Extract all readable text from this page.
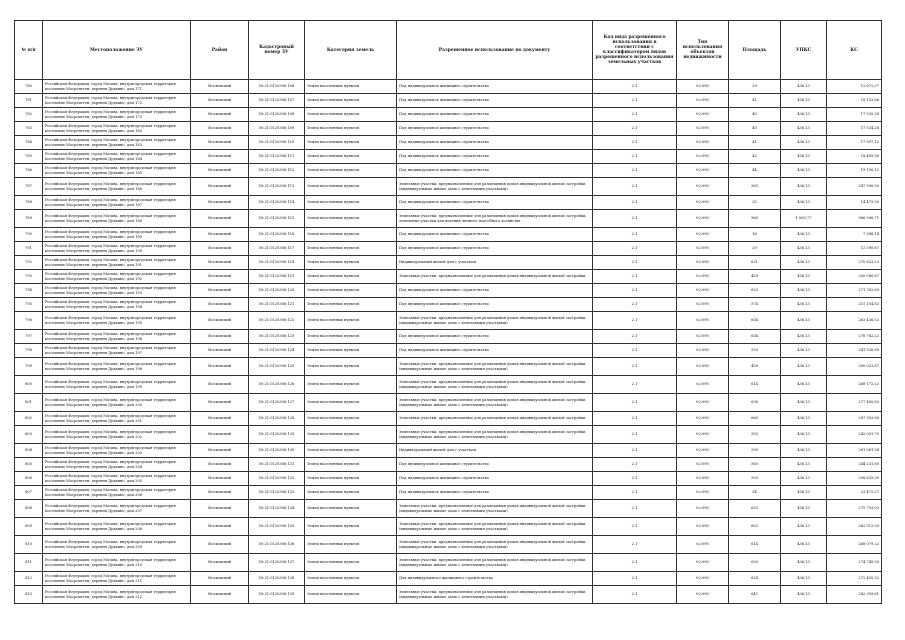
№ п/п	Местоположение ЗУ	Район	Кадастровый номер ЗУ	Категория земель	Разрешенное использование по документу	Код вида разрешенного использования в соответствии с классификатором видов разрешенного использования земельных участков	Тип использования объектов недвижимости	Площадь	УПКС	КС
780	Российская Федерация, город Москва, внутригородская территория поселение Мосрентген, деревня Дудкино, дом 171	Московский	50:21:0120306:106	Земли населенных пунктов	Под индивидуальное жилищное строительство	2.1	02:090	29	436,13	12 672,37
781	Российская Федерация, город Москва, внутригородская территория поселение Мосрентген, деревня Дудкино, дом 172	Московский	50:21:0120306:107	Земли населенных пунктов	Под индивидуальное жилищное строительство	2.1	02:090	41	436,13	18 153,66
782	Российская Федерация, город Москва, внутригородская территория поселение Мосрентген, деревня Дудкино, дом 173	Московский	50:21:0120306:108	Земли населенных пунктов	Под индивидуальное жилищное строительство	2.1	02:090	40	436,13	17 535,28
783	Российская Федерация, город Москва, внутригородская территория поселение Мосрентген, деревня Дудкино, дом 182	Московский	50:21:0120306:109	Земли населенных пунктов	Под индивидуальное жилищное строительство	2.1	02:090	40	436,13	17 524,28
784	Российская Федерация, город Москва, внутригородская территория поселение Мосрентген, деревня Дудкино, дом 183	Московский	50:21:0120306:110	Земли населенных пунктов	Под индивидуальное жилищное строительство	2.1	02:090	41	436,13	17 997,12
785	Российская Федерация, город Москва, внутригородская территория поселение Мосрентген, деревня Дудкино, дом 184	Московский	50:21:0120306:111	Земли населенных пунктов	Под индивидуальное жилищное строительство	2.1	02:090	42	436,13	18 495,56
786	Российская Федерация, город Москва, внутригородская территория поселение Мосрентген, деревня Дудкино, дом 185	Московский	50:21:0120306:112	Земли населенных пунктов	Под индивидуальное жилищное строительство	2.1	02:090	44	436,13	19 190,12
787	Российская Федерация, город Москва, внутригородская территория поселение Мосрентген, деревня Дудкино, дом 186	Московский	50:21:0120306:113	Земли населенных пунктов	Земельные участки, предназначенные для размещения домов индивидуальной жилой застройки (индивидуальные жилые дома с земельными участками)	2.1	02:090	565	436,13	247 590,50
788	Российская Федерация, город Москва, внутригородская территория поселение Мосрентген, деревня Дудкино, дом 187	Московский	50:21:0120306:114	Земли населенных пунктов	Под индивидуальное жилищное строительство	2.1	02:090	33	436,13	14 479,50
789	Российская Федерация, город Москва, внутригородская территория поселение Мосрентген, деревня Дудкино, дом 188	Московский	50:21:0120306:115	Земли населенных пунктов	Земельные участки, предназначенные для размещения домов индивидуальной жилой застройки, земельные участки для ведения личного подсобного хозяйства	2.1	02:090	960	1 069,77	966 506,71
790	Российская Федерация, город Москва, внутригородская территория поселение Мосрентген, деревня Дудкино, дом 189	Московский	50:21:0120306:116	Земли населенных пунктов	Под индивидуальное жилищное строительство	2.1	02:090	16	436,13	7 588,14
791	Российская Федерация, город Москва, внутригородская территория поселение Мосрентген, деревня Дудкино, дом 190	Московский	50:21:0120306:117	Земли населенных пунктов	Под индивидуальное жилищное строительство	2.1	02:090	29	436,13	12 590,87
792	Российская Федерация, город Москва, внутригородская территория поселение Мосрентген, деревня Дудкино, дом 191	Московский	50:21:0120306:118	Земли населенных пунктов	Индивидуальный жилой дом с участком	2.1	02:090	621	436,13	270 623,23
793	Российская Федерация, город Москва, внутригородская территория поселение Мосрентген, деревня Дудкино, дом 192	Московский	50:21:0120306:119	Земли населенных пунктов	Земельные участки, предназначенные для размещения домов индивидуальной жилой застройки	2.1	02:090	459	436,13	200 080,87
794	Российская Федерация, город Москва, внутригородская территория поселение Мосрентген, деревня Дудкино, дом 193	Московский	50:21:0120306:120	Земли населенных пунктов	Под индивидуальное жилищное строительство	2.1	02:090	623	436,13	271 762,60
795	Российская Федерация, город Москва, внутригородская территория поселение Мосрентген, деревня Дудкино, дом 194	Московский	50:21:0120306:121	Земли населенных пунктов	Под индивидуальное жилищное строительство	2.1	02:090	574	436,13	251 154,82
796	Российская Федерация, город Москва, внутригородская территория поселение Мосрентген, деревня Дудкино, дом 195	Московский	50:21:0120306:122	Земли населенных пунктов	Земельные участки, предназначенные для размещения домов индивидуальной жилой застройки (индивидуальные жилые дома с земельными участками)	2.1	02:090	604	436,13	263 436,52
797	Российская Федерация, город Москва, внутригородская территория поселение Мосрентген, деревня Дудкино, дом 196	Московский	50:21:0120306:123	Земли населенных пунктов	Под индивидуальное жилищное строительство	2.1	02:090	634	436,13	276 782,22
798	Российская Федерация, город Москва, внутригородская территория поселение Мосрентген, деревня Дудкино, дом 197	Московский	50:21:0120306:124	Земли населенных пунктов	Под индивидуальное жилищное строительство	2.1	02:090	553	436,13	241 526,80
799	Российская Федерация, город Москва, внутригородская территория поселение Мосрентген, деревня Дудкино, дом 198	Московский	50:21:0120306:125	Земли населенных пунктов	Земельные участки, предназначенные для размещения домов индивидуальной жилой застройки (индивидуальные жилые дома с земельными участками)	2.1	02:090	459	436,13	200 023,87
800	Российская Федерация, город Москва, внутригородская территория поселение Мосрентген, деревня Дудкино, дом 199	Московский	50:21:0120306:126	Земли населенных пунктов	Земельные участки, предназначенные для размещения домов индивидуальной жилой застройки (индивидуальные жилые дома с земельными участками)	2.1	02:090	614	436,13	268 172,22
801	Российская Федерация, город Москва, внутригородская территория поселение Мосрентген, деревня Дудкино, дом 200	Московский	50:21:0120306:127	Земли населенных пунктов	Земельные участки, предназначенные для размещения домов индивидуальной жилой застройки (индивидуальные жилые дома с земельными участками)	2.1	02:090	636	436,13	277 465,82
802	Российская Федерация, город Москва, внутригородская территория поселение Мосрентген, деревня Дудкино, дом 201	Московский	50:21:0120306:128	Земли населенных пунктов	Земельные участки, предназначенные для размещения домов индивидуальной жилой застройки	2.1	02:090	660	436,13	287 953,80
803	Российская Федерация, город Москва, внутригородская территория поселение Мосрентген, деревня Дудкино, дом 202	Московский	50:21:0120306:129	Земли населенных пунктов	Земельные участки, предназначенные для размещения домов индивидуальной жилой застройки (индивидуальные жилые дома с земельными участками)	2.1	02:090	555	436,13	242 051,70
804	Российская Федерация, город Москва, внутригородская территория поселение Мосрентген, деревня Дудкино, дом 203	Московский	50:21:0120306:130	Земли населенных пунктов	Индивидуальный жилой дом с участком	2.1	02:090	599	436,13	261 061,94
805	Российская Федерация, город Москва, внутригородская территория поселение Мосрентген, деревня Дудкино, дом 204	Московский	50:21:0120306:131	Земли населенных пунктов	Под индивидуальное жилищное строительство	2.1	02:090	560	436,13	244 231,80
806	Российская Федерация, город Москва, внутригородская территория поселение Мосрентген, деревня Дудкино, дом 205	Московский	50:21:0120306:132	Земли населенных пунктов	Под индивидуальное жилищное строительство	2.1	02:090	593	436,13	258 625,09
807	Российская Федерация, город Москва, внутригородская территория поселение Мосрентген, деревня Дудкино, дом 206	Московский	50:21:0120306:133	Земли населенных пунктов	Под индивидуальное жилищное строительство	2.1	02:090	54	436,13	23 472,27
808	Российская Федерация, город Москва, внутригородская территория поселение Мосрентген, деревня Дудкино, дом 207	Московский	50:21:0120306:134	Земли населенных пунктов	Земельные участки, предназначенные для размещения домов индивидуальной жилой застройки (индивидуальные жилые дома с земельными участками)	2.1	02:090	633	436,13	275 793,02
809	Российская Федерация, город Москва, внутригородская территория поселение Мосрентген, деревня Дудкино, дом 208	Московский	50:21:0120306:135	Земли населенных пунктов	Земельные участки, предназначенные для размещения домов индивидуальной жилой застройки (индивидуальные жилые дома с земельными участками)	2.1	02:090	602	436,13	262 512,09
810	Российская Федерация, город Москва, внутригородская территория поселение Мосрентген, деревня Дудкино, дом 209	Московский	50:21:0120306:136	Земли населенных пунктов	Земельные участки, предназначенные для размещения домов индивидуальной жилой застройки (индивидуальные жилые дома с земельными участками)	2.1	02:090	614	436,13	268 079,22
811	Российская Федерация, город Москва, внутригородская территория поселение Мосрентген, деревня Дудкино, дом 210	Московский	50:21:0120306:137	Земли населенных пунктов	Земельные участки, предназначенные для размещения домов индивидуальной жилой застройки (индивидуальные жилые дома с земельными участками)	2.1	02:090	630	436,13	274 749,55
812	Российская Федерация, город Москва, внутригородская территория поселение Мосрентген, деревня Дудкино, дом 211	Московский	50:21:0120306:138	Земли населенных пунктов	Для индивидуального жилищного строительства	2.1	02:090	624	436,13	272 455,32
813	Российская Федерация, город Москва, внутригородская территория поселение Мосрентген, деревня Дудкино, дом 212	Московский	50:21:0120306:139	Земли населенных пунктов	Земельные участки, предназначенные для размещения домов индивидуальной жилой застройки (индивидуальные жилые дома с земельными участками)	2.1	02:090	647	436,13	282 359,61
